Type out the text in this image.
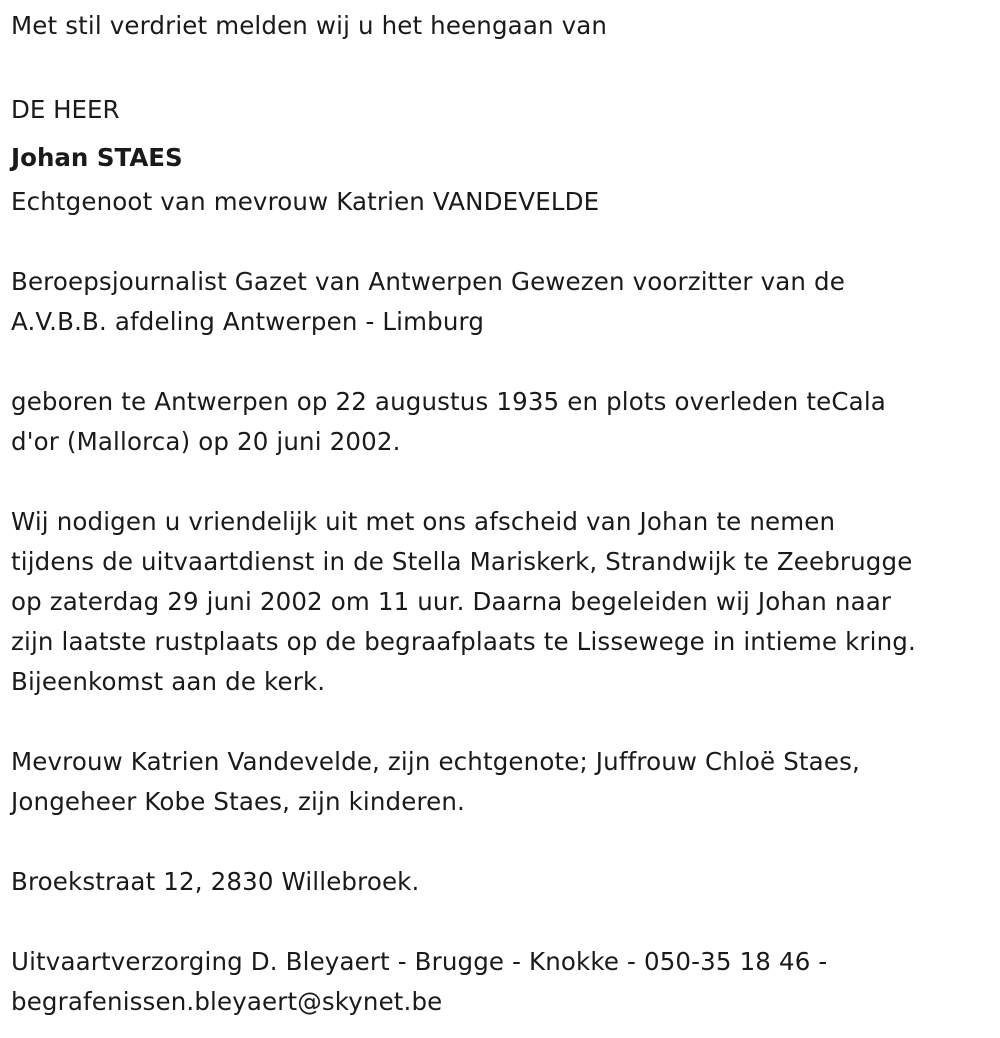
Met stil verdriet melden wij u het heengaan van
DE HEER
Johan STAES
Echtgenoot van mevrouw Katrien VANDEVELDE
Beroepsjournalist Gazet van Antwerpen Gewezen voorzitter van de
A.V.B.B. afdeling Antwerpen - Limburg
geboren te Antwerpen op 22 augustus 1935 en plots overleden teCala
d'or (Mallorca) op 20 juni 2002.
Wij nodigen u vriendelijk uit met ons afscheid van Johan te nemen
tijdens de uitvaartdienst in de Stella Mariskerk, Strandwijk te Zeebrugge
op zaterdag 29 juni 2002 om 11 uur. Daarna begeleiden wij Johan naar
zijn laatste rustplaats op de begraafplaats te Lissewege in intieme kring.
Bijeenkomst aan de kerk.
Mevrouw Katrien Vandevelde, zijn echtgenote; Juffrouw Chloë Staes,
Jongeheer Kobe Staes, zijn kinderen.
Broekstraat 12, 2830 Willebroek.
Uitvaartverzorging D. Bleyaert - Brugge - Knokke - 050-35 18 46 -
begrafenissen.bleyaert@skynet.be
